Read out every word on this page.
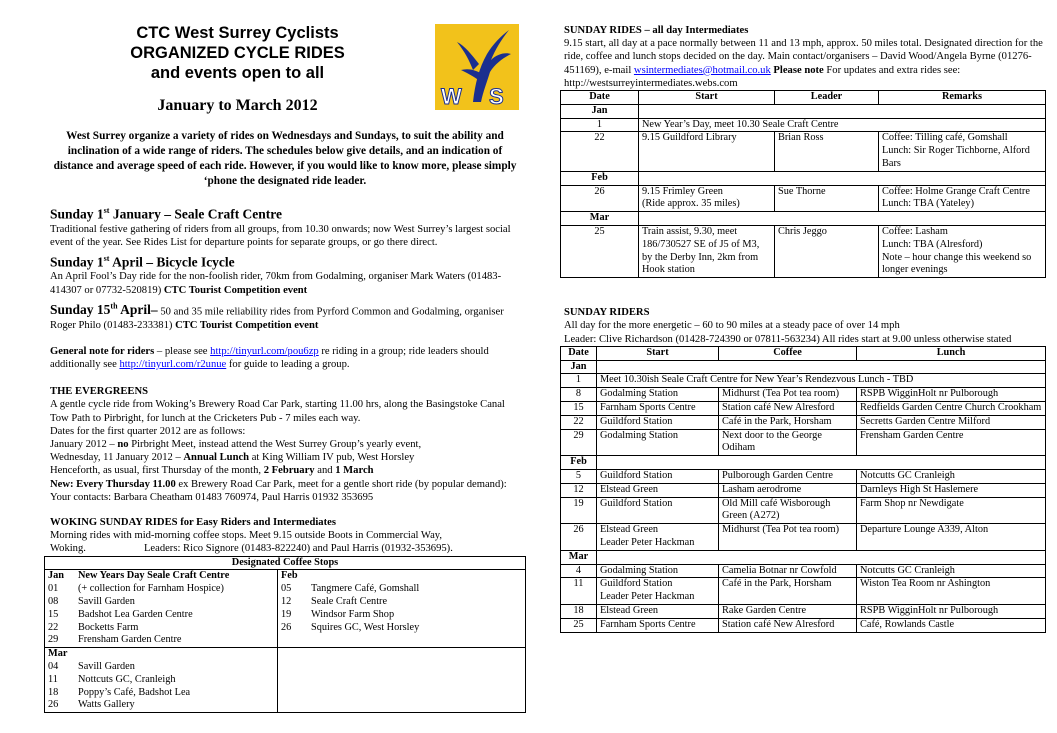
CTC West Surrey Cyclists
ORGANIZED CYCLE RIDES
and events open to all
W S
January to March 2012
West Surrey organize a variety of rides on Wednesdays and Sundays, to suit the ability and inclination of a wide range of riders. The schedules below give details, and an indication of distance and average speed of each ride. However, if you would like to know more, please simply ‘phone the designated ride leader.
Sunday 1st January – Seale Craft Centre
Traditional festive gathering of riders from all groups, from 10.30 onwards; now West Surrey’s largest social event of the year. See Rides List for departure points for separate groups, or go there direct.
Sunday 1st April – Bicycle Icycle
An April Fool’s Day ride for the non-foolish rider, 70km from Godalming, organiser Mark Waters (01483-414307 or 07732-520819) CTC Tourist Competition event
Sunday 15th April– 50 and 35 mile reliability rides from Pyrford Common and Godalming, organiser Roger Philo (01483-233381) CTC Tourist Competition event
General note for riders – please see http://tinyurl.com/pou6zp re riding in a group; ride leaders should additionally see http://tinyurl.com/r2unue for guide to leading a group.
THE EVERGREENS
A gentle cycle ride from Woking’s Brewery Road Car Park, starting 11.00 hrs, along the Basingstoke Canal Tow Path to Pirbright, for lunch at the Cricketers Pub - 7 miles each way.
Dates for the first quarter 2012 are as follows:
January 2012 – no Pirbright Meet, instead attend the West Surrey Group’s yearly event,
Wednesday, 11 January 2012 – Annual Lunch at King William IV pub, West Horsley
Henceforth, as usual, first Thursday of the month, 2 February and 1 March
New: Every Thursday 11.00 ex Brewery Road Car Park, meet for a gentle short ride (by popular demand): Your contacts: Barbara Cheatham 01483 760974, Paul Harris 01932 353695
WOKING SUNDAY RIDES for Easy Riders and Intermediates
Morning rides with mid-morning coffee stops. Meet 9.15 outside Boots in Commercial Way,
Woking.	Leaders: Rico Signore (01483-822240) and Paul Harris (01932-353695).
Designated Coffee Stops			
Jan	New Years Day Seale Craft Centre	Feb	
01	(+ collection for Farnham Hospice)	05	Tangmere Café, Gomshall
08	Savill Garden	12	Seale Craft Centre
15	Badshot Lea Garden Centre	19	Windsor Farm Shop
22	Bocketts Farm	26	Squires GC, West Horsley
29	Frensham Garden Centre		
Mar			
04	Savill Garden		
11	Nottcuts GC, Cranleigh		
18	Poppy’s Café, Badshot Lea		
26	Watts Gallery		
SUNDAY RIDES – all day Intermediates
9.15 start, all day at a pace normally between 11 and 13 mph, approx. 50 miles total. Designated direction for the ride, coffee and lunch stops decided on the day. Main contact/organisers – David Wood/Angela Byrne (01276-451169), e-mail wsintermediates@hotmail.co.uk Please note For updates and extra rides see: http://westsurreyintermediates.webs.com
Date	Start	Leader	Remarks
Jan			
1	New Year’s Day, meet 10.30 Seale Craft Centre		
22	9.15 Guildford Library	Brian Ross	Coffee: Tilling café, Gomshall
Lunch: Sir Roger Tichborne, Alford Bars
Feb			
26	9.15 Frimley Green
(Ride approx. 35 miles)	Sue Thorne	Coffee: Holme Grange Craft Centre
Lunch: TBA (Yateley)
Mar			
25	Train assist, 9.30, meet 186/730527 SE of J5 of M3, by the Derby Inn, 2km from Hook station	Chris Jeggo	Coffee: Lasham
Lunch: TBA (Alresford)
Note – hour change this weekend so longer evenings
SUNDAY RIDERS
All day for the more energetic – 60 to 90 miles at a steady pace of over 14 mph
Leader: Clive Richardson (01428-724390 or 07811-563234) All rides start at 9.00 unless otherwise stated
Date	Start	Coffee	Lunch
Jan			
1	Meet 10.30ish Seale Craft Centre for New Year’s Rendezvous Lunch - TBD		
8	Godalming Station	Midhurst (Tea Pot tea room)	RSPB WigginHolt nr Pulborough
15	Farnham Sports Centre	Station café New Alresford	Redfields Garden Centre Church Crookham
22	Guildford Station	Café in the Park, Horsham	Secretts Garden Centre Milford
29	Godalming Station	Next door to the George Odiham	Frensham Garden Centre
Feb			
5	Guildford Station	Pulborough Garden Centre	Notcutts GC Cranleigh
12	Elstead Green	Lasham aerodrome	Darnleys High St Haslemere
19	Guildford Station	Old Mill café Wisborough Green (A272)	Farm Shop nr Newdigate
26	Elstead Green
Leader Peter Hackman	Midhurst (Tea Pot tea room)	Departure Lounge A339, Alton
Mar			
4	Godalming Station	Camelia Botnar nr Cowfold	Notcutts GC Cranleigh
11	Guildford Station
Leader Peter Hackman	Café in the Park, Horsham	Wiston Tea Room nr Ashington
18	Elstead Green	Rake Garden Centre	RSPB WigginHolt nr Pulborough
25	Farnham Sports Centre	Station café New Alresford	Café, Rowlands Castle
